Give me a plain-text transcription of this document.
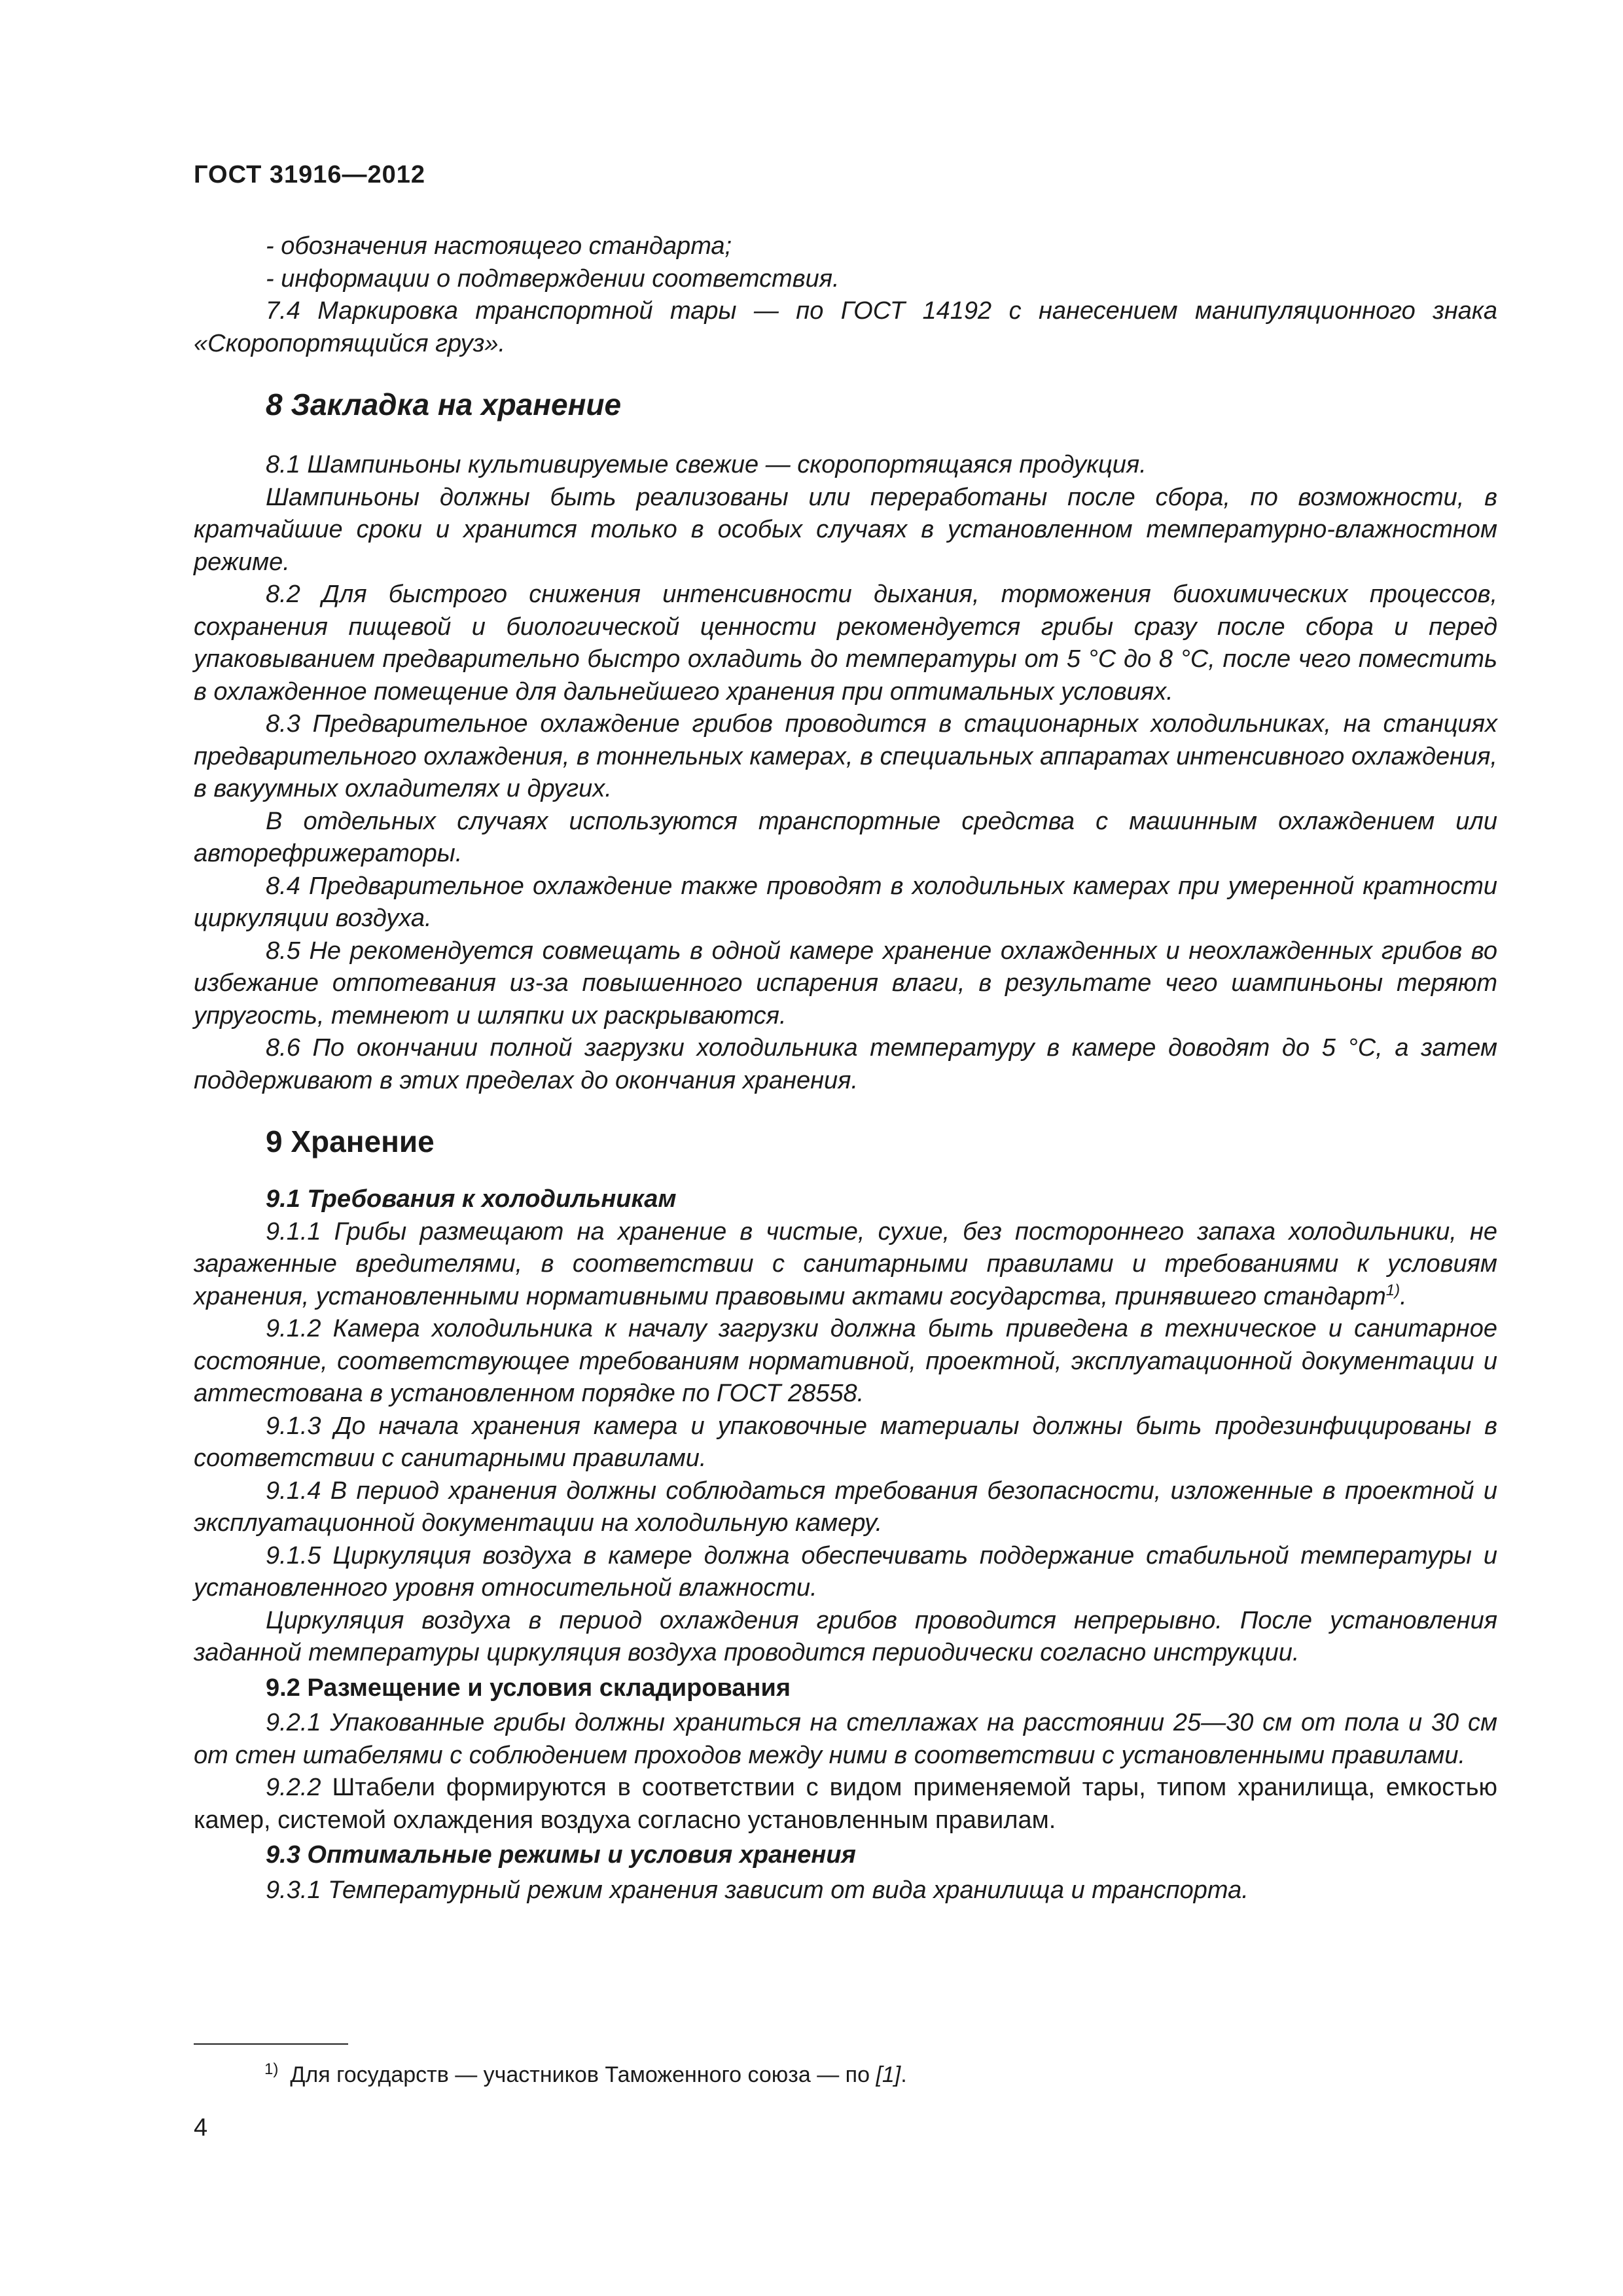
ГОСТ 31916—2012

- обозначения настоящего стандарта;

- информации о подтверждении соответствия.

7.4 Маркировка транспортной тары — по ГОСТ 14192 с нанесением манипуляционного знака «Скоропортящийся груз».

8 Закладка на хранение

8.1 Шампиньоны культивируемые свежие — скоропортящаяся продукция.

Шампиньоны должны быть реализованы или переработаны после сбора, по возможности, в кратчайшие сроки и хранится только в особых случаях в установленном температурно-влажностном режиме.

8.2 Для быстрого снижения интенсивности дыхания, торможения биохимических процессов, сохранения пищевой и биологической ценности рекомендуется грибы сразу после сбора и перед упаковыванием предварительно быстро охладить до температуры от 5 °С до 8 °С, после чего поместить в охлажденное помещение для дальнейшего хранения при оптимальных условиях.

8.3 Предварительное охлаждение грибов проводится в стационарных холодильниках, на станциях предварительного охлаждения, в тоннельных камерах, в специальных аппаратах интенсивного охлаждения, в вакуумных охладителях и других.

В отдельных случаях используются транспортные средства с машинным охлаждением или авторефрижераторы.

8.4 Предварительное охлаждение также проводят в холодильных камерах при умеренной кратности циркуляции воздуха.

8.5 Не рекомендуется совмещать в одной камере хранение охлажденных и неохлажденных грибов во избежание отпотевания из-за повышенного испарения влаги, в результате чего шампиньоны теряют упругость, темнеют и шляпки их раскрываются.

8.6 По окончании полной загрузки холодильника температуру в камере доводят до 5 °С, а затем поддерживают в этих пределах до окончания хранения.

9 Хранение
9.1 Требования к холодильникам

9.1.1 Грибы размещают на хранение в чистые, сухие, без постороннего запаха холодильники, не зараженные вредителями, в соответствии с санитарными правилами и требованиями к условиям хранения, установленными нормативными правовыми актами государства, принявшего стандарт$^{1)}$.

9.1.2 Камера холодильника к началу загрузки должна быть приведена в техническое и санитарное состояние, соответствующее требованиям нормативной, проектной, эксплуатационной документации и аттестована в установленном порядке по ГОСТ 28558.

9.1.3 До начала хранения камера и упаковочные материалы должны быть продезинфицированы в соответствии с санитарными правилами.

9.1.4 В период хранения должны соблюдаться требования безопасности, изложенные в проектной и эксплуатационной документации на холодильную камеру.

9.1.5 Циркуляция воздуха в камере должна обеспечивать поддержание стабильной температуры и установленного уровня относительной влажности.

Циркуляция воздуха в период охлаждения грибов проводится непрерывно. После установления заданной температуры циркуляция воздуха проводится периодически согласно инструкции.

9.2 Размещение и условия складирования

9.2.1 Упакованные грибы должны храниться на стеллажах на расстоянии 25—30 см от пола и 30 см от стен штабелями с соблюдением проходов между ними в соответствии с установленными правилами.

9.2.2 Штабели формируются в соответствии с видом применяемой тары, типом хранилища, емкостью камер, системой охлаждения воздуха согласно установленным правилам.

9.3 Оптимальные режимы и условия хранения

9.3.1 Температурный режим хранения зависит от вида хранилища и транспорта.

$^{1)}$ Для государств — участников Таможенного союза — по [1].
4
